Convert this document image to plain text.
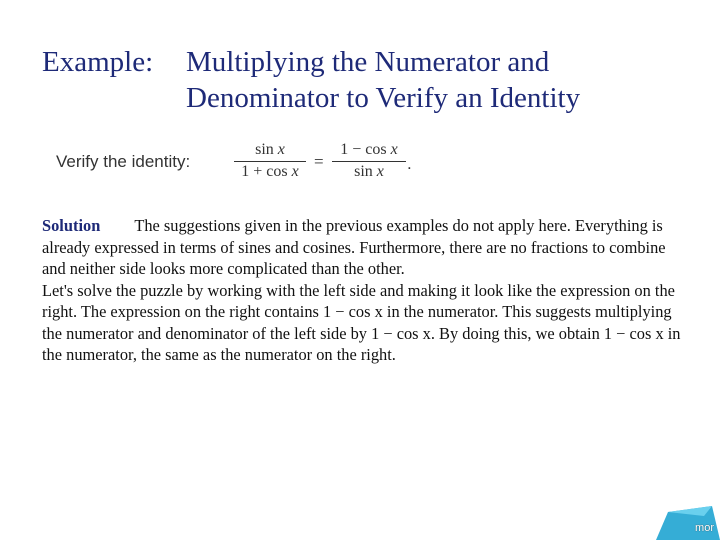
Example: Multiplying the Numerator and Denominator to Verify an Identity
Verify the identity:
sin x
1 + cos x
=
1 − cos x
sin x	.
Solution The suggestions given in the previous examples do not apply here. Everything is already expressed in terms of sines and cosines. Furthermore, there are no fractions to combine and neither side looks more complicated than the other.
Let's solve the puzzle by working with the left side and making it look like the expression on the right. The expression on the right contains 1 − cos x in the numerator. This suggests multiplying the numerator and denominator of the left side by 1 − cos x. By doing this, we obtain 1 − cos x in the numerator, the same as the numerator on the right.
mor
